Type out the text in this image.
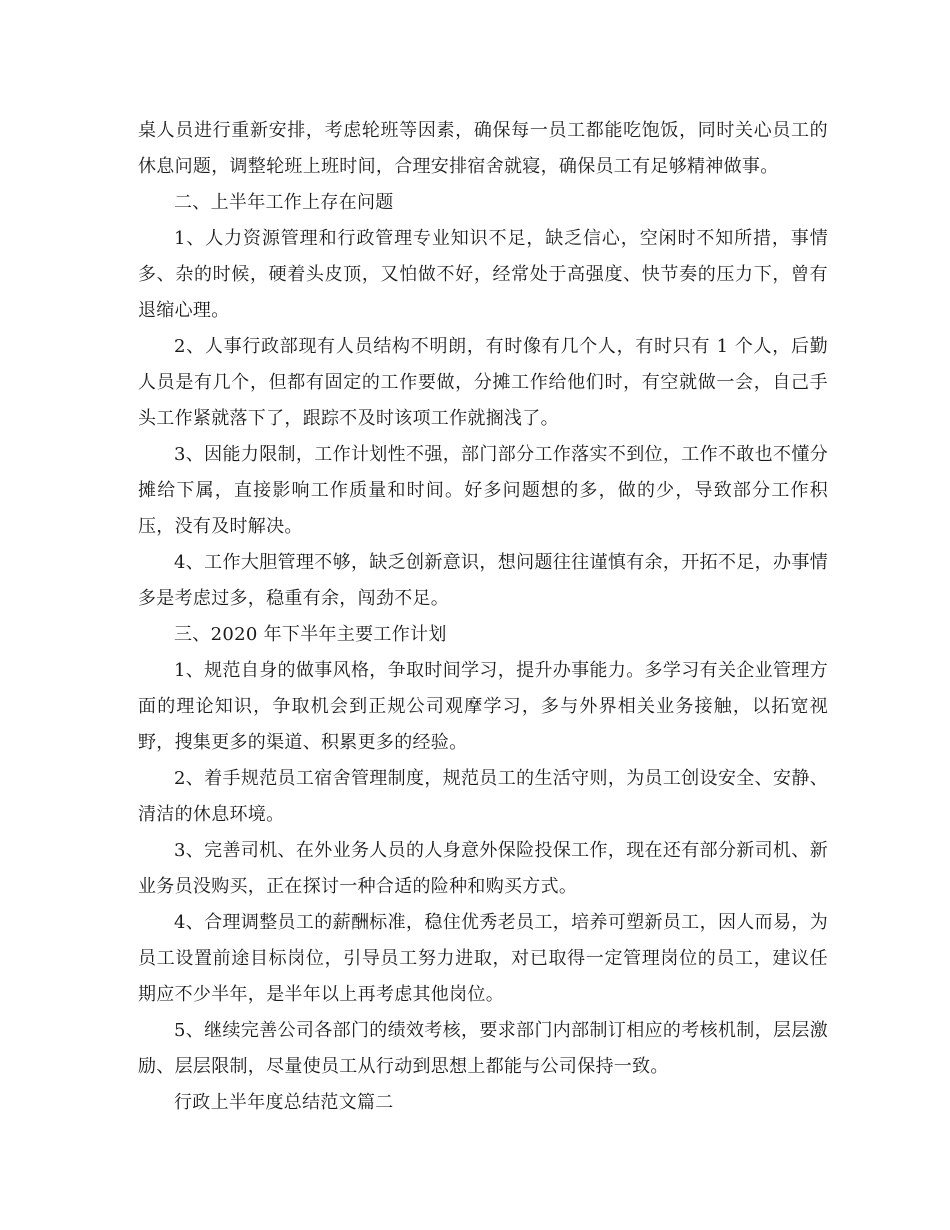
桌人员进行重新安排，考虑轮班等因素，确保每一员工都能吃饱饭，同时关心员工的休息问题，调整轮班上班时间，合理安排宿舍就寝，确保员工有足够精神做事。

二、上半年工作上存在问题

1、人力资源管理和行政管理专业知识不足，缺乏信心，空闲时不知所措，事情多、杂的时候，硬着头皮顶，又怕做不好，经常处于高强度、快节奏的压力下，曾有退缩心理。

2、人事行政部现有人员结构不明朗，有时像有几个人，有时只有 1 个人，后勤人员是有几个，但都有固定的工作要做，分摊工作给他们时，有空就做一会，自己手头工作紧就落下了，跟踪不及时该项工作就搁浅了。

3、因能力限制，工作计划性不强，部门部分工作落实不到位，工作不敢也不懂分摊给下属，直接影响工作质量和时间。好多问题想的多，做的少，导致部分工作积压，没有及时解决。

4、工作大胆管理不够，缺乏创新意识，想问题往往谨慎有余，开拓不足，办事情多是考虑过多，稳重有余，闯劲不足。

三、2020 年下半年主要工作计划

1、规范自身的做事风格，争取时间学习，提升办事能力。多学习有关企业管理方面的理论知识，争取机会到正规公司观摩学习，多与外界相关业务接触，以拓宽视野，搜集更多的渠道、积累更多的经验。

2、着手规范员工宿舍管理制度，规范员工的生活守则，为员工创设安全、安静、清洁的休息环境。

3、完善司机、在外业务人员的人身意外保险投保工作，现在还有部分新司机、新业务员没购买，正在探讨一种合适的险种和购买方式。

4、合理调整员工的薪酬标准，稳住优秀老员工，培养可塑新员工，因人而易，为员工设置前途目标岗位，引导员工努力进取，对已取得一定管理岗位的员工，建议任期应不少半年，是半年以上再考虑其他岗位。

5、继续完善公司各部门的绩效考核，要求部门内部制订相应的考核机制，层层激励、层层限制，尽量使员工从行动到思想上都能与公司保持一致。

行政上半年度总结范文篇二
